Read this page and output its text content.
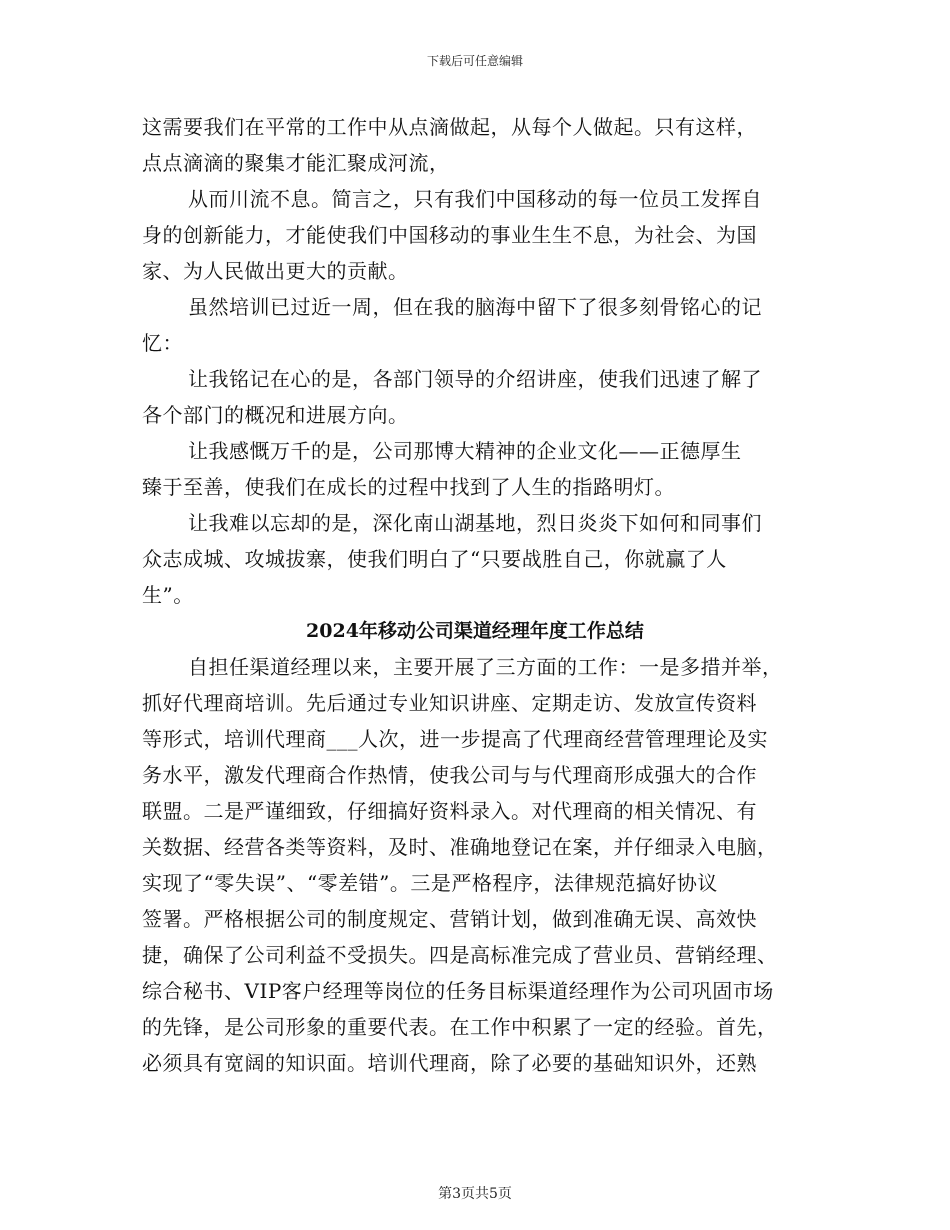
下载后可任意编辑
这需要我们在平常的工作中从点滴做起，从每个人做起。只有这样，
点点滴滴的聚集才能汇聚成河流，
从而川流不息。简言之，只有我们中国移动的每一位员工发挥自
身的创新能力，才能使我们中国移动的事业生生不息，为社会、为国
家、为人民做出更大的贡献。
虽然培训已过近一周，但在我的脑海中留下了很多刻骨铭心的记
忆：
让我铭记在心的是，各部门领导的介绍讲座，使我们迅速了解了
各个部门的概况和进展方向。
让我感慨万千的是，公司那博大精神的企业文化——正德厚生
臻于至善，使我们在成长的过程中找到了人生的指路明灯。
让我难以忘却的是，深化南山湖基地，烈日炎炎下如何和同事们
众志成城、攻城拔寨，使我们明白了“只要战胜自己，你就赢了人
生”。
2024年移动公司渠道经理年度工作总结
自担任渠道经理以来，主要开展了三方面的工作：一是多措并举，
抓好代理商培训。先后通过专业知识讲座、定期走访、发放宣传资料
等形式，培训代理商___人次，进一步提高了代理商经营管理理论及实
务水平，激发代理商合作热情，使我公司与与代理商形成强大的合作
联盟。二是严谨细致，仔细搞好资料录入。对代理商的相关情况、有
关数据、经营各类等资料，及时、准确地登记在案，并仔细录入电脑，
实现了“零失误”、“零差错”。三是严格程序，法律规范搞好协议
签署。严格根据公司的制度规定、营销计划，做到准确无误、高效快
捷，确保了公司利益不受损失。四是高标准完成了营业员、营销经理、
综合秘书、VIP客户经理等岗位的任务目标渠道经理作为公司巩固市场
的先锋，是公司形象的重要代表。在工作中积累了一定的经验。首先，
必须具有宽阔的知识面。培训代理商，除了必要的基础知识外，还熟
第3页共5页
